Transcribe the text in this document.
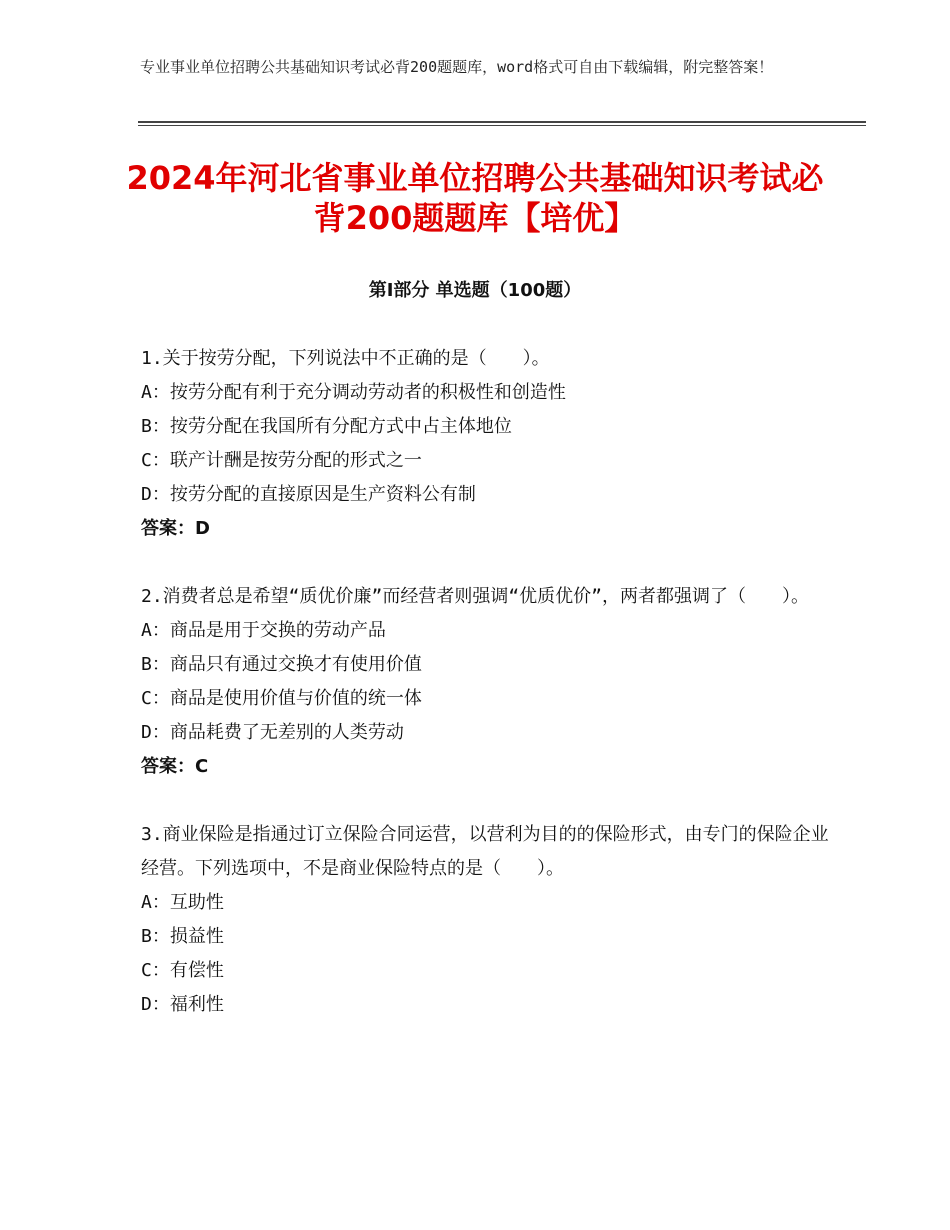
专业事业单位招聘公共基础知识考试必背200题题库，word格式可自由下载编辑，附完整答案！
2024年河北省事业单位招聘公共基础知识考试必背200题题库【培优】
第Ⅰ部分 单选题（100题）
1.关于按劳分配，下列说法中不正确的是（　　）。
A：按劳分配有利于充分调动劳动者的积极性和创造性
B：按劳分配在我国所有分配方式中占主体地位
C：联产计酬是按劳分配的形式之一
D：按劳分配的直接原因是生产资料公有制
答案：D
2.消费者总是希望“质优价廉”而经营者则强调“优质优价”，两者都强调了（　　）。
A：商品是用于交换的劳动产品
B：商品只有通过交换才有使用价值
C：商品是使用价值与价值的统一体
D：商品耗费了无差别的人类劳动
答案：C
3.商业保险是指通过订立保险合同运营，以营利为目的的保险形式，由专门的保险企业经营。下列选项中，不是商业保险特点的是（　　）。
A：互助性
B：损益性
C：有偿性
D：福利性
